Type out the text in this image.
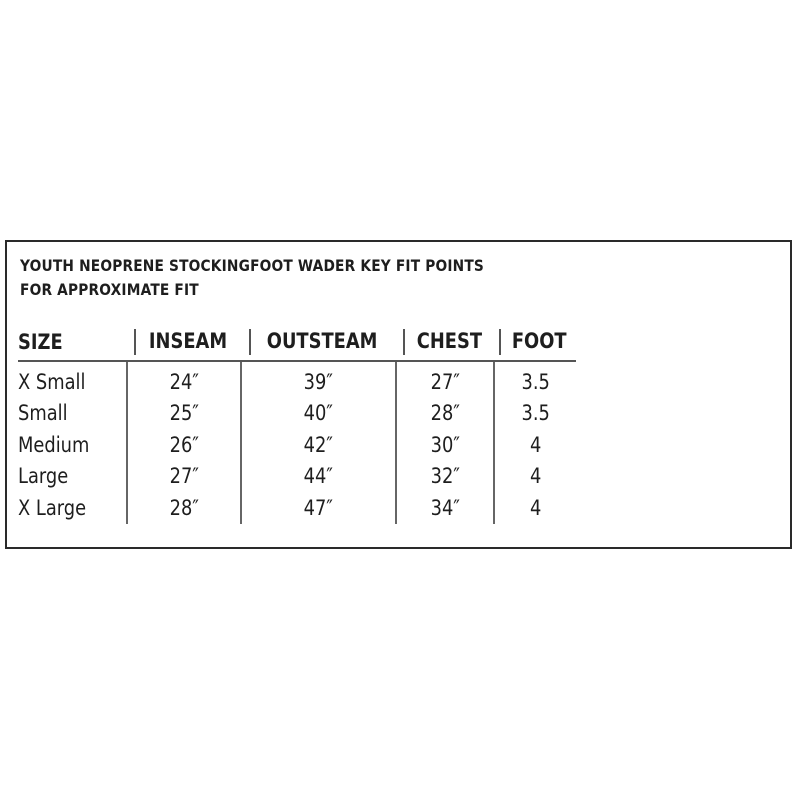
YOUTH NEOPRENE STOCKINGFOOT WADER KEY FIT POINTS
FOR APPROXIMATE FIT
SIZE	INSEAM	OUTSTEAM	CHEST	FOOT
X Small	24″	39″	27″	3.5
Small	25″	40″	28″	3.5
Medium	26″	42″	30″	4
Large	27″	44″	32″	4
X Large	28″	47″	34″	4
